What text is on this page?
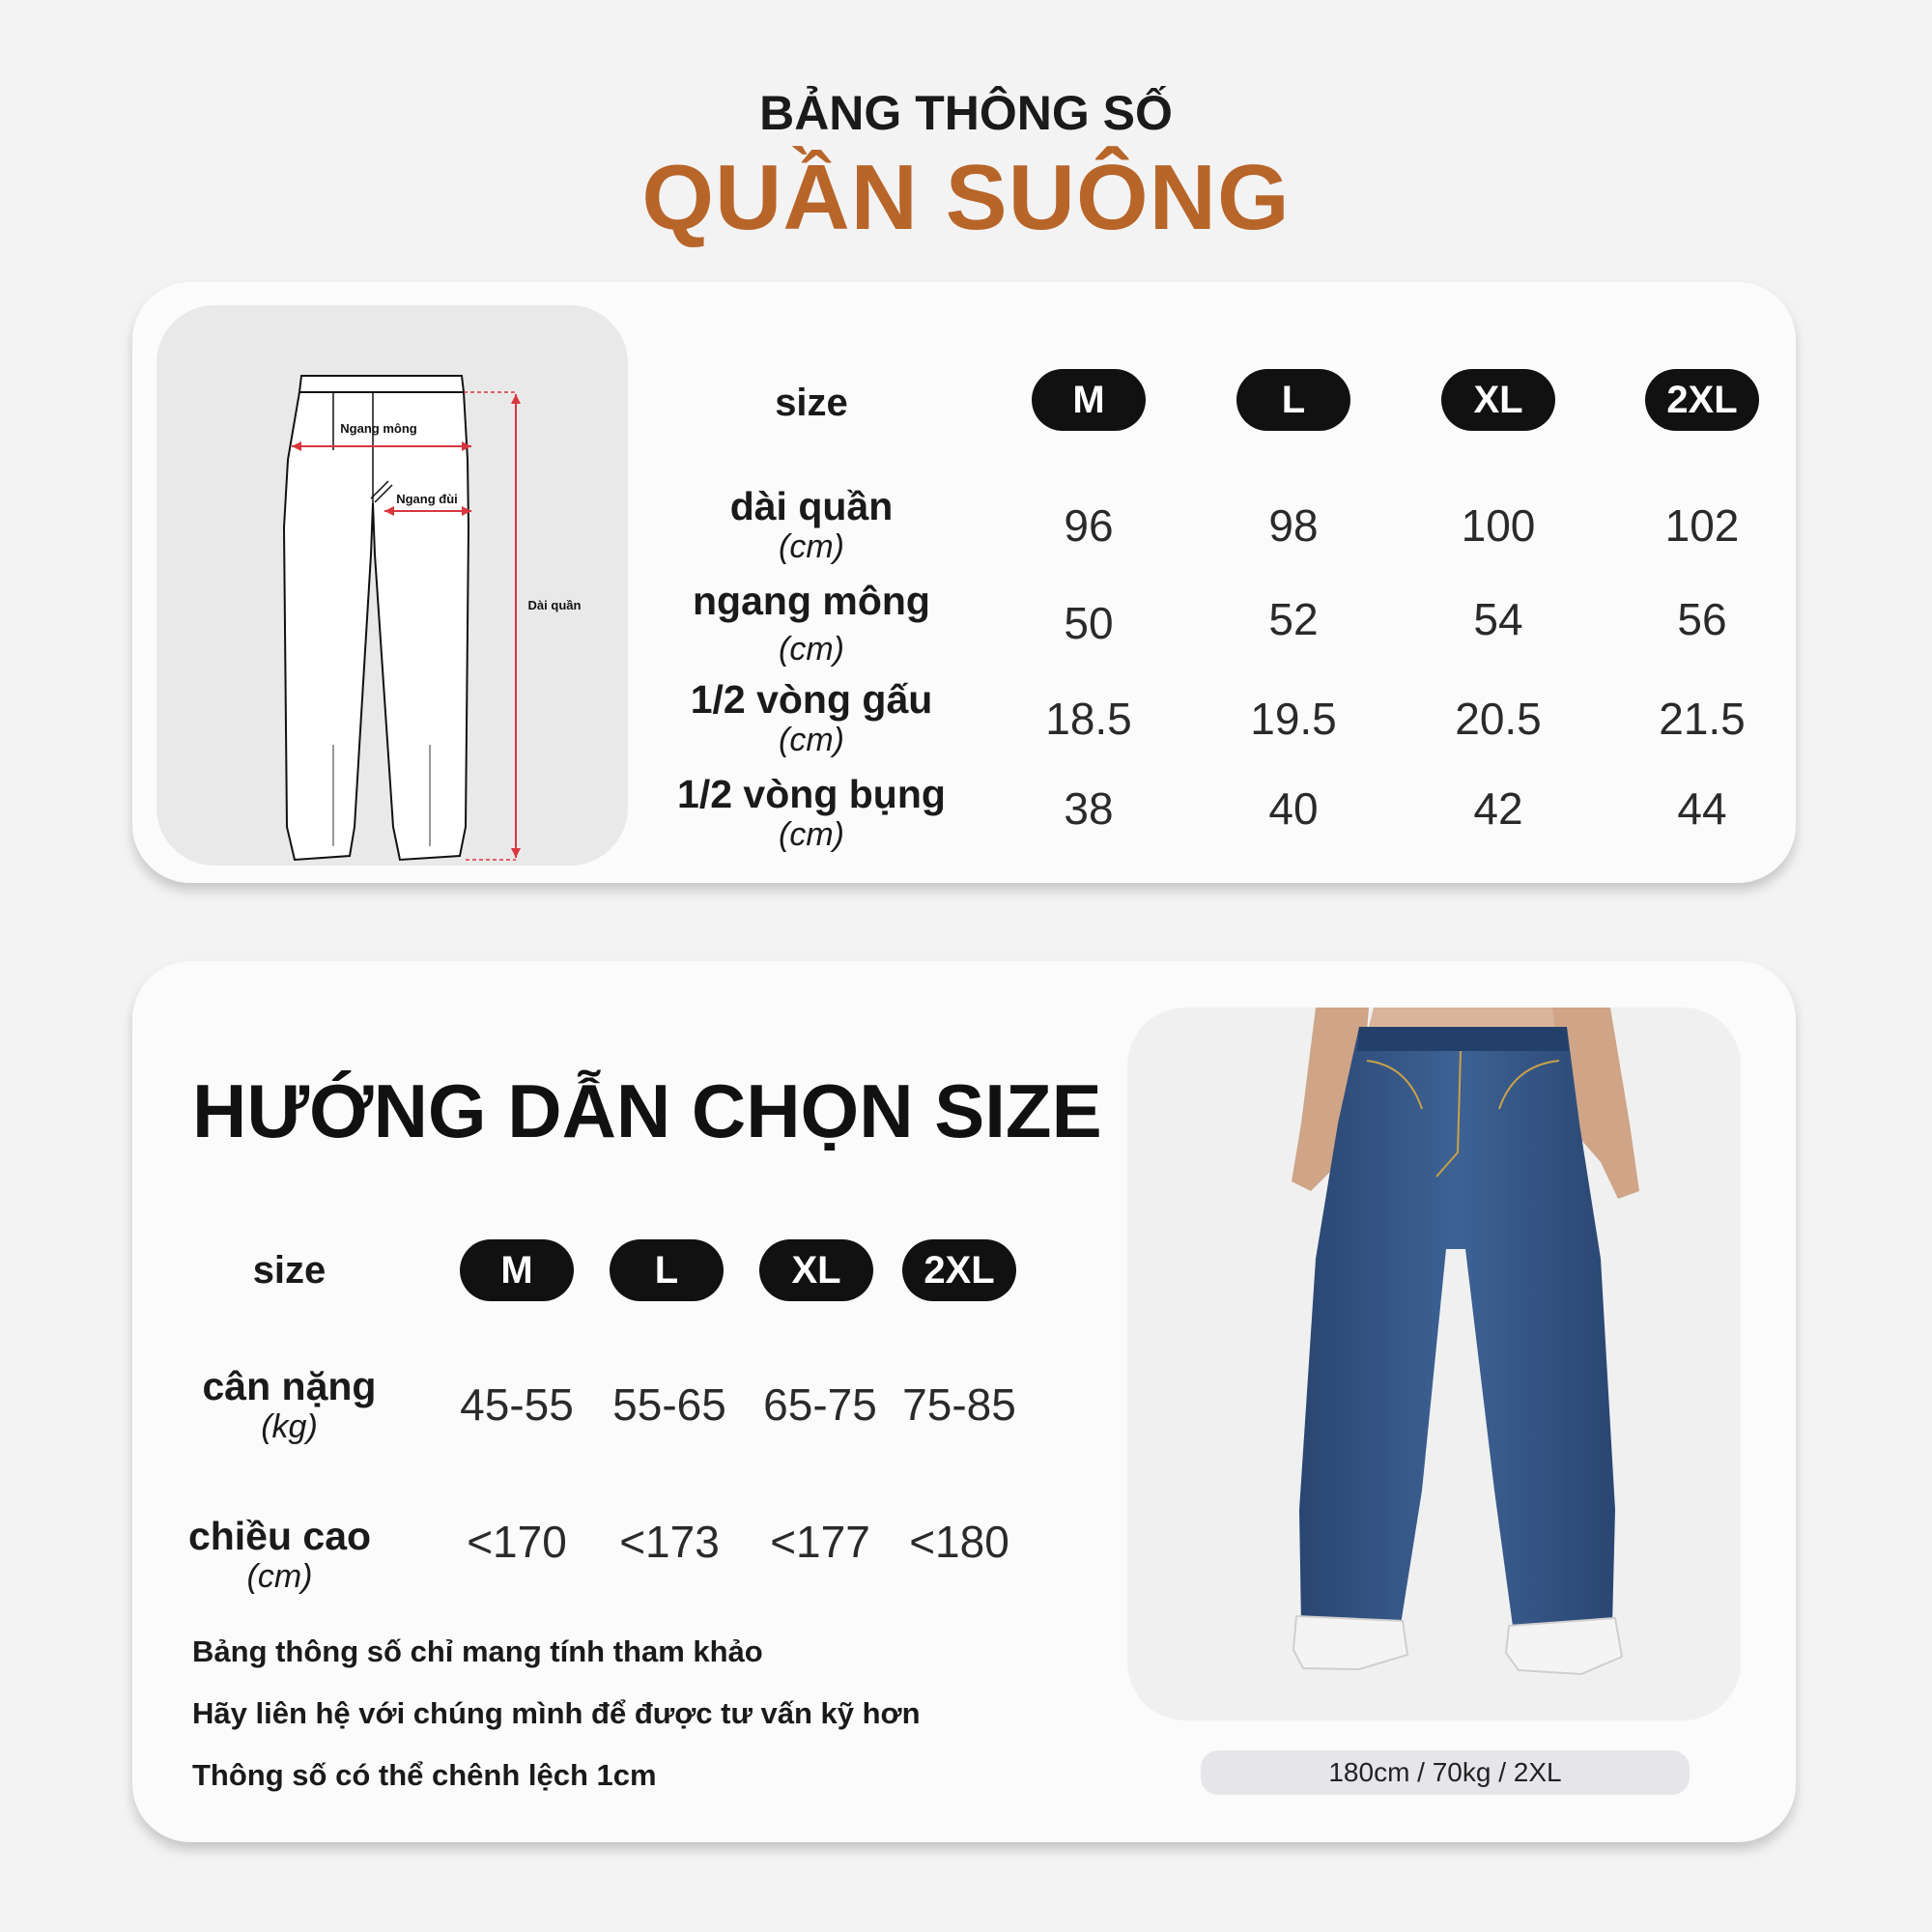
BẢNG THÔNG SỐ
QUẦN SUÔNG
Ngang mông
Ngang đùi
Dài quần
size	M	L	XL	2XL
dài quần
(cm)	96	98	100	102
ngang mông
(cm)
50	52	54	56
1/2 vòng gấu
(cm)	18.5	19.5	20.5	21.5
1/2 vòng bụng
(cm)
38	40	42	44
HƯỚNG DẪN CHỌN SIZE
size	M	L	XL	2XL
cân nặng
(kg)	45-55 55-65 65-75 75-85
chiều cao
(cm)
<170	<173	<177 <180
Bảng thông số chỉ mang tính tham khảo
Hãy liên hệ với chúng mình để được tư vấn kỹ hơn
Thông số có thể chênh lệch 1cm	180cm / 70kg / 2XL
